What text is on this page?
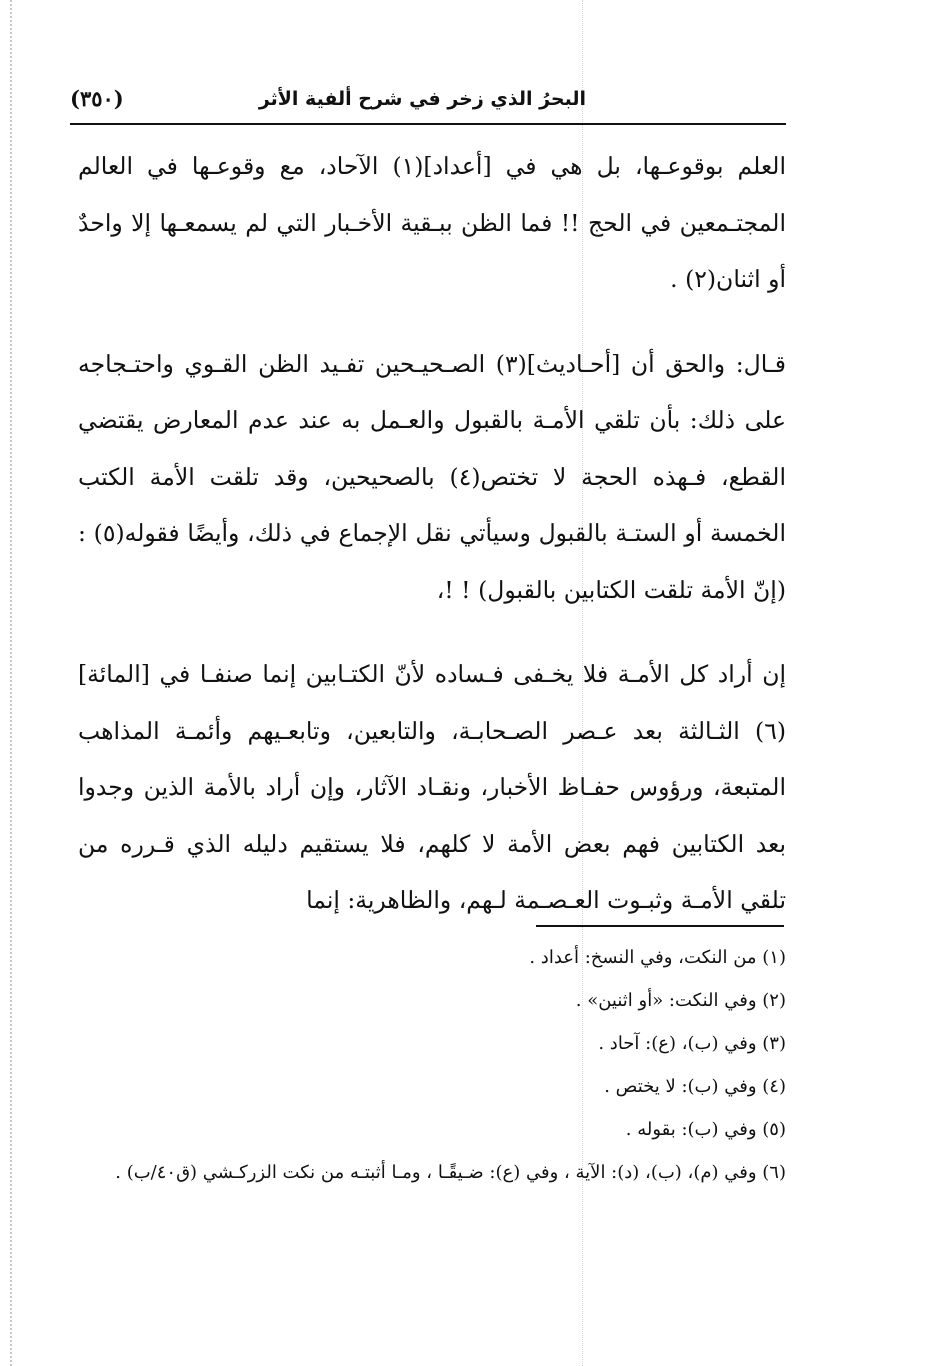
البحرُ الذي زخر في شرح ألفية الأثر
(٣٥٠)

العلم بوقوعـها، بل هي في [أعداد](١) الآحاد، مع وقوعـها في العالم المجتـمعين في الحج !! فما الظن ببـقية الأخـبار التي لم يسمعـها إلا واحدٌ أو اثنان(٢) .

قـال: والحق أن [أحـاديث](٣) الصـحيـحين تفـيد الظن القـوي واحتـجاجه على ذلك: بأن تلقي الأمـة بالقبول والعـمل به عند عدم المعارض يقتضي القطع، فـهذه الحجة لا تختص(٤) بالصحيحين، وقد تلقت الأمة الكتب الخمسة أو الستـة بالقبول وسيأتي نقل الإجماع في ذلك، وأيضًا فقوله(٥) : (إنّ الأمة تلقت الكتابين بالقبول) ! !،

إن أراد كل الأمـة فلا يخـفى فـساده لأنّ الكتـابين إنما صنفـا في [المائة](٦) الثـالثة بعد عـصر الصـحابـة، والتابعين، وتابعـيهم وأئمـة المذاهب المتبعة، ورؤوس حفـاظ الأخبار، ونقـاد الآثار، وإن أراد بالأمة الذين وجدوا بعد الكتابين فهم بعض الأمة لا كلهم، فلا يستقيم دليله الذي قـرره من تلقي الأمـة وثبـوت العـصـمة لـهم، والظاهرية: إنما

(١) من النكت، وفي النسخ: أعداد .

(٢) وفي النكت: «أو اثنين» .

(٣) وفي (ب)، (ع): آحاد .

(٤) وفي (ب): لا يختص .

(٥) وفي (ب): بقوله .

(٦) وفي (م)، (ب)، (د): الآية ، وفي (ع): ضـيقًـا ، ومـا أثبتـه من نكت الزركـشي (ق٤٠/ب) .
